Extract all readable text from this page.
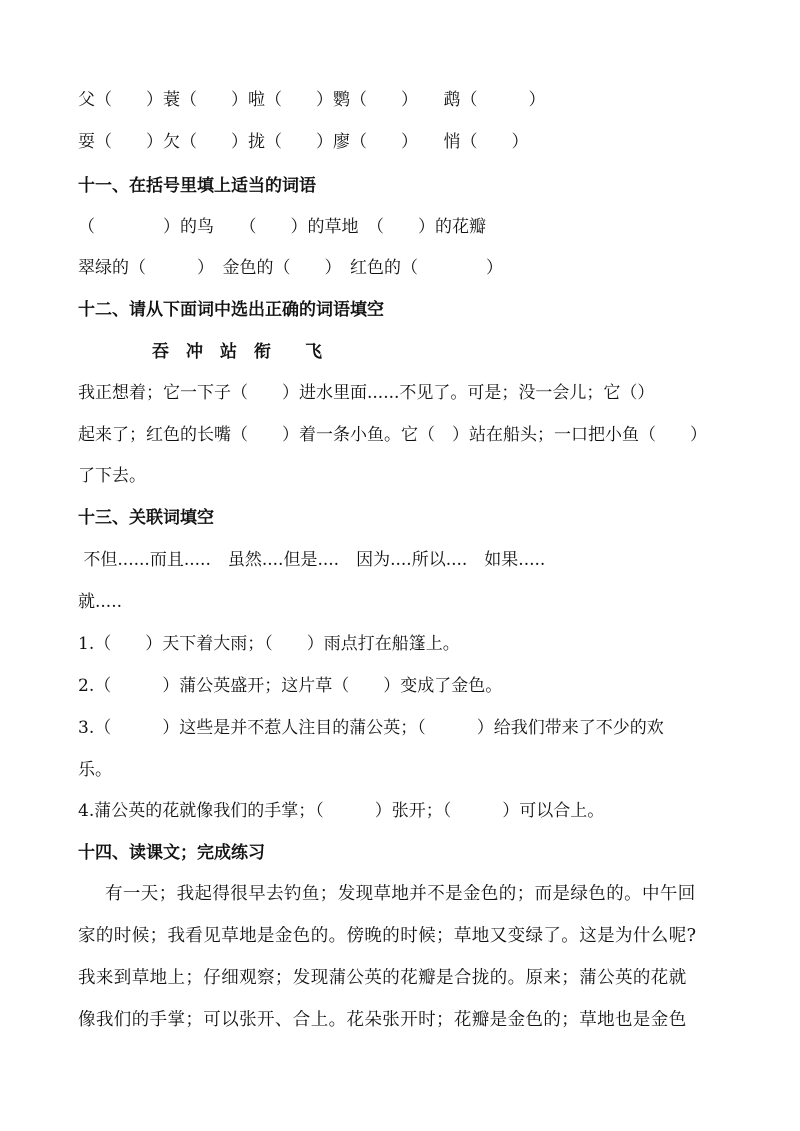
父（　　）蓑（　　）啦（　　）鹦（　　）　　鹉（　　　）
耍（　　）欠（　　）拢（　　）廖（　　）　　悄（　　）
十一、在括号里填上适当的词语
（　　　　）的鸟　　（　　）的草地　（　　）的花瓣
翠绿的（　　　）　金色的（　　）　红色的（　　　　）
十二、请从下面词中选出正确的词语填空
吞　冲　站　衔　　飞
我正想着；它一下子（　　）进水里面......不见了。可是；没一会儿；它（）
起来了；红色的长嘴（　　）着一条小鱼。它（　）站在船头；一口把小鱼（　　）
了下去。
十三、关联词填空
不但......而且.....　虽然....但是....　因为....所以....　如果.....
就.....
1.（　　）天下着大雨；（　　）雨点打在船篷上。
2.（　　　）蒲公英盛开；这片草（　　）变成了金色。
3.（　　　）这些是并不惹人注目的蒲公英；（　　　）给我们带来了不少的欢
乐。
4.蒲公英的花就像我们的手掌；（　　　）张开；（　　　）可以合上。
十四、读课文；完成练习
有一天；我起得很早去钓鱼；发现草地并不是金色的；而是绿色的。中午回
家的时候；我看见草地是金色的。傍晚的时候；草地又变绿了。这是为什么呢?
我来到草地上；仔细观察；发现蒲公英的花瓣是合拢的。原来；蒲公英的花就
像我们的手掌；可以张开、合上。花朵张开时；花瓣是金色的；草地也是金色
